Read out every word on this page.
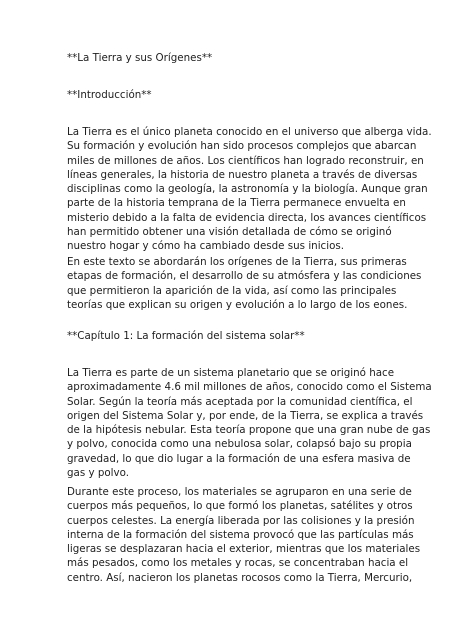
**La Tierra y sus Orígenes**

**Introducción**

La Tierra es el único planeta conocido en el universo que alberga vida.
Su formación y evolución han sido procesos complejos que abarcan
miles de millones de años. Los científicos han logrado reconstruir, en
líneas generales, la historia de nuestro planeta a través de diversas
disciplinas como la geología, la astronomía y la biología. Aunque gran
parte de la historia temprana de la Tierra permanece envuelta en
misterio debido a la falta de evidencia directa, los avances científicos
han permitido obtener una visión detallada de cómo se originó
nuestro hogar y cómo ha cambiado desde sus inicios.

En este texto se abordarán los orígenes de la Tierra, sus primeras
etapas de formación, el desarrollo de su atmósfera y las condiciones
que permitieron la aparición de la vida, así como las principales
teorías que explican su origen y evolución a lo largo de los eones.

**Capítulo 1: La formación del sistema solar**

La Tierra es parte de un sistema planetario que se originó hace
aproximadamente 4.6 mil millones de años, conocido como el Sistema
Solar. Según la teoría más aceptada por la comunidad científica, el
origen del Sistema Solar y, por ende, de la Tierra, se explica a través
de la hipótesis nebular. Esta teoría propone que una gran nube de gas
y polvo, conocida como una nebulosa solar, colapsó bajo su propia
gravedad, lo que dio lugar a la formación de una esfera masiva de
gas y polvo.

Durante este proceso, los materiales se agruparon en una serie de
cuerpos más pequeños, lo que formó los planetas, satélites y otros
cuerpos celestes. La energía liberada por las colisiones y la presión
interna de la formación del sistema provocó que las partículas más
ligeras se desplazaran hacia el exterior, mientras que los materiales
más pesados, como los metales y rocas, se concentraban hacia el
centro. Así, nacieron los planetas rocosos como la Tierra, Mercurio,
